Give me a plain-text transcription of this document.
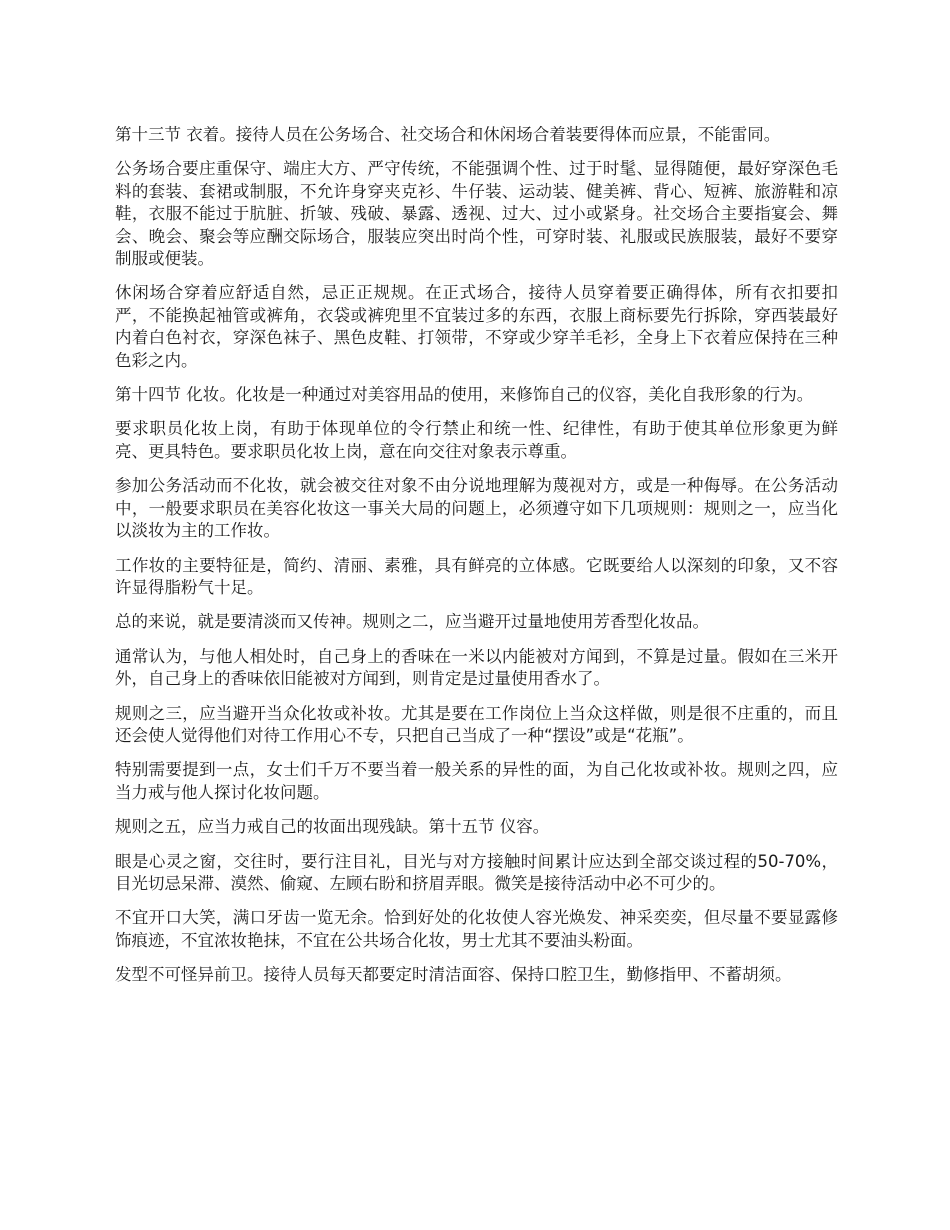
第十三节 衣着。接待人员在公务场合、社交场合和休闲场合着装要得体而应景，不能雷同。

公务场合要庄重保守、端庄大方、严守传统，不能强调个性、过于时髦、显得随便，最好穿深色毛料的套装、套裙或制服，不允许身穿夹克衫、牛仔装、运动装、健美裤、背心、短裤、旅游鞋和凉鞋，衣服不能过于肮脏、折皱、残破、暴露、透视、过大、过小或紧身。社交场合主要指宴会、舞会、晚会、聚会等应酬交际场合，服装应突出时尚个性，可穿时装、礼服或民族服装，最好不要穿制服或便装。

休闲场合穿着应舒适自然，忌正正规规。在正式场合，接待人员穿着要正确得体，所有衣扣要扣严，不能换起袖管或裤角，衣袋或裤兜里不宜装过多的东西，衣服上商标要先行拆除，穿西装最好内着白色衬衣，穿深色袜子、黑色皮鞋、打领带，不穿或少穿羊毛衫，全身上下衣着应保持在三种色彩之内。

第十四节 化妆。化妆是一种通过对美容用品的使用，来修饰自己的仪容，美化自我形象的行为。

要求职员化妆上岗，有助于体现单位的令行禁止和统一性、纪律性，有助于使其单位形象更为鲜亮、更具特色。要求职员化妆上岗，意在向交往对象表示尊重。

参加公务活动而不化妆，就会被交往对象不由分说地理解为蔑视对方，或是一种侮辱。在公务活动中，一般要求职员在美容化妆这一事关大局的问题上，必须遵守如下几项规则：规则之一，应当化以淡妆为主的工作妆。

工作妆的主要特征是，简约、清丽、素雅，具有鲜亮的立体感。它既要给人以深刻的印象，又不容许显得脂粉气十足。

总的来说，就是要清淡而又传神。规则之二，应当避开过量地使用芳香型化妆品。

通常认为，与他人相处时，自己身上的香味在一米以内能被对方闻到，不算是过量。假如在三米开外，自己身上的香味依旧能被对方闻到，则肯定是过量使用香水了。

规则之三，应当避开当众化妆或补妆。尤其是要在工作岗位上当众这样做，则是很不庄重的，而且还会使人觉得他们对待工作用心不专，只把自己当成了一种“摆设”或是“花瓶”。

特别需要提到一点，女士们千万不要当着一般关系的异性的面，为自己化妆或补妆。规则之四，应当力戒与他人探讨化妆问题。

规则之五，应当力戒自己的妆面出现残缺。第十五节 仪容。

眼是心灵之窗，交往时，要行注目礼，目光与对方接触时间累计应达到全部交谈过程的50-70%，目光切忌呆滞、漠然、偷窥、左顾右盼和挤眉弄眼。微笑是接待活动中必不可少的。

不宜开口大笑，满口牙齿一览无余。恰到好处的化妆使人容光焕发、神采奕奕，但尽量不要显露修饰痕迹，不宜浓妆艳抹，不宜在公共场合化妆，男士尤其不要油头粉面。

发型不可怪异前卫。接待人员每天都要定时清洁面容、保持口腔卫生，勤修指甲、不蓄胡须。
